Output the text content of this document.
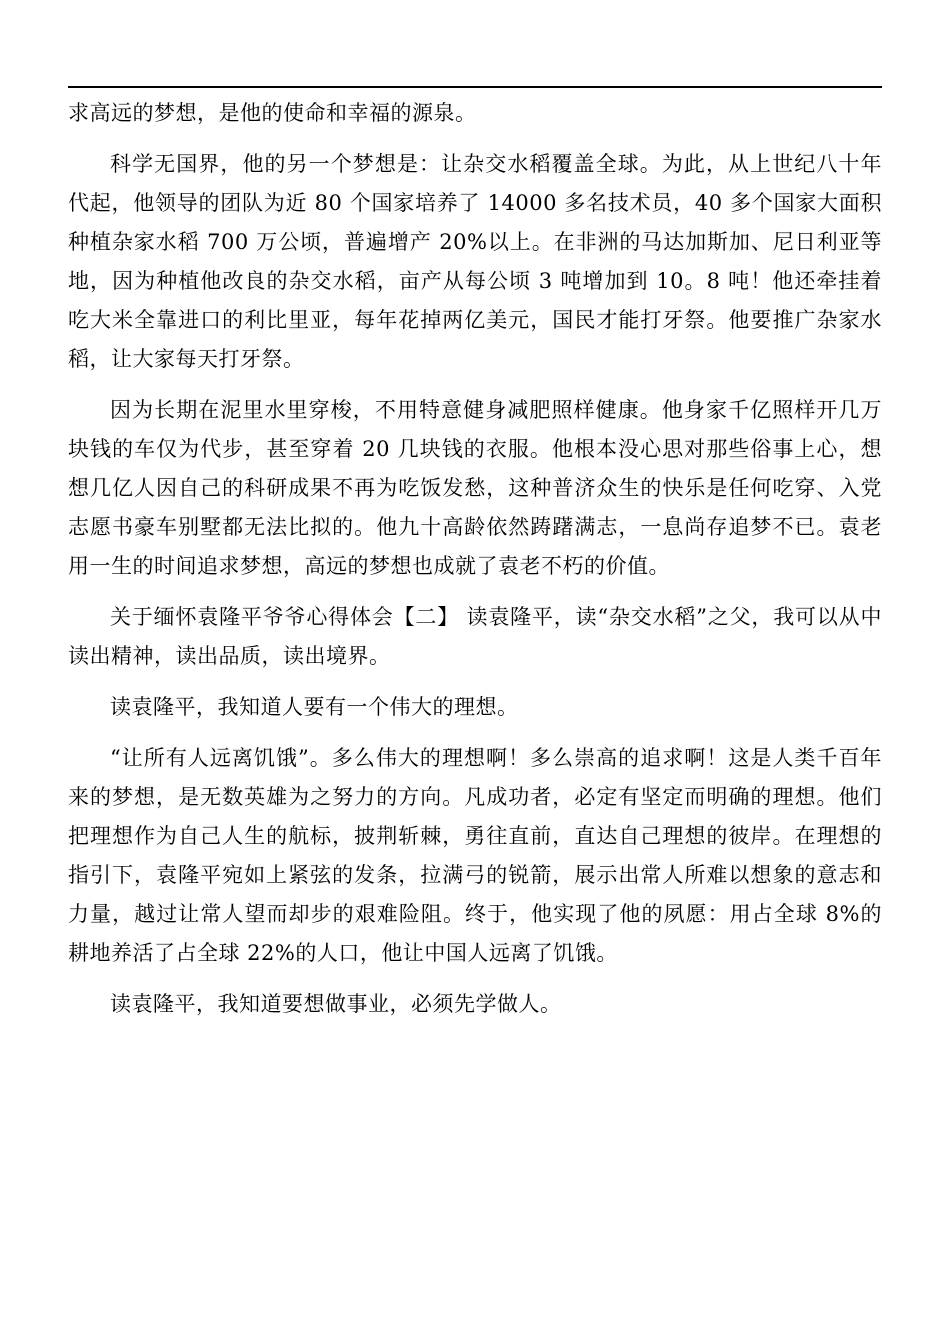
求高远的梦想，是他的使命和幸福的源泉。

科学无国界，他的另一个梦想是：让杂交水稻覆盖全球。为此，从上世纪八十年代起，他领导的团队为近 80 个国家培养了 14000 多名技术员，40 多个国家大面积种植杂家水稻 700 万公顷，普遍增产 20%以上。在非洲的马达加斯加、尼日利亚等地，因为种植他改良的杂交水稻，亩产从每公顷 3 吨增加到 10。8 吨！他还牵挂着吃大米全靠进口的利比里亚，每年花掉两亿美元，国民才能打牙祭。他要推广杂家水稻，让大家每天打牙祭。

因为长期在泥里水里穿梭，不用特意健身减肥照样健康。他身家千亿照样开几万块钱的车仅为代步，甚至穿着 20 几块钱的衣服。他根本没心思对那些俗事上心，想想几亿人因自己的科研成果不再为吃饭发愁，这种普济众生的快乐是任何吃穿、入党志愿书豪车别墅都无法比拟的。他九十高龄依然踌躇满志，一息尚存追梦不已。袁老用一生的时间追求梦想，高远的梦想也成就了袁老不朽的价值。

关于缅怀袁隆平爷爷心得体会【二】 读袁隆平，读“杂交水稻”之父，我可以从中读出精神，读出品质，读出境界。

读袁隆平，我知道人要有一个伟大的理想。

“让所有人远离饥饿”。多么伟大的理想啊！多么崇高的追求啊！这是人类千百年来的梦想，是无数英雄为之努力的方向。凡成功者，必定有坚定而明确的理想。他们把理想作为自己人生的航标，披荆斩棘，勇往直前，直达自己理想的彼岸。在理想的指引下，袁隆平宛如上紧弦的发条，拉满弓的锐箭，展示出常人所难以想象的意志和力量，越过让常人望而却步的艰难险阻。终于，他实现了他的夙愿：用占全球 8%的耕地养活了占全球 22%的人口，他让中国人远离了饥饿。

读袁隆平，我知道要想做事业，必须先学做人。
